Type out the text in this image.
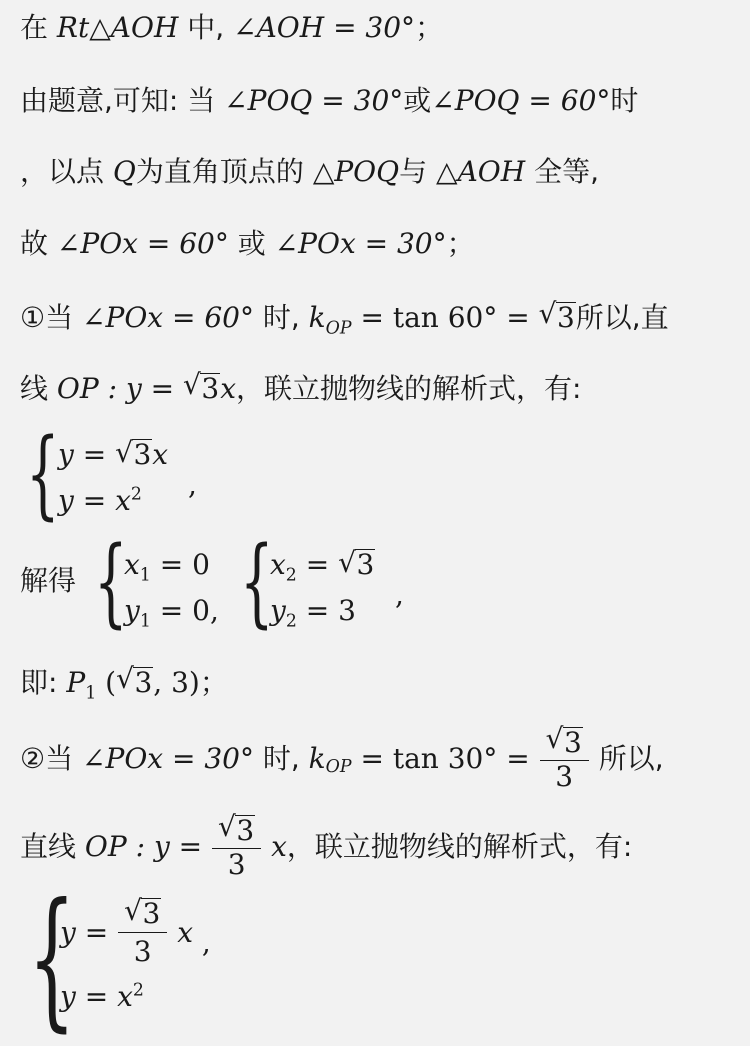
在 Rt△AOH 中, ∠AOH = 30°；
由题意,可知: 当 ∠POQ = 30°或∠POQ = 60°时
，以点 Q为直角顶点的 △POQ与 △AOH 全等,
故 ∠POx = 60° 或 ∠POx = 30°；
①当 ∠POx = 60° 时, $k_{OP} = \tan 60^\circ$ = √ 3所以,直
线 OP : y = √ 3x，联立抛物线的解析式，有:
{
y = √ 3x
$y = x^2$ ,
解得 {
$x_1 = 0$
$y_1 = 0$, {
$x_2$ = √ 3
$y_2 = 3$ ,
即: $P_1$ ( √ 3, 3)；
②当
∠POx = 30°
时,
$k_{OP} = \tan 30^\circ$ = √ $\frac{3}{3}$
所以,
直线
OP : y = √ $\frac{3}{3}$
x ，联立抛物线的解析式，有:
{
y = √ $\frac{3}{3}$
x
,
$y = x^2$
